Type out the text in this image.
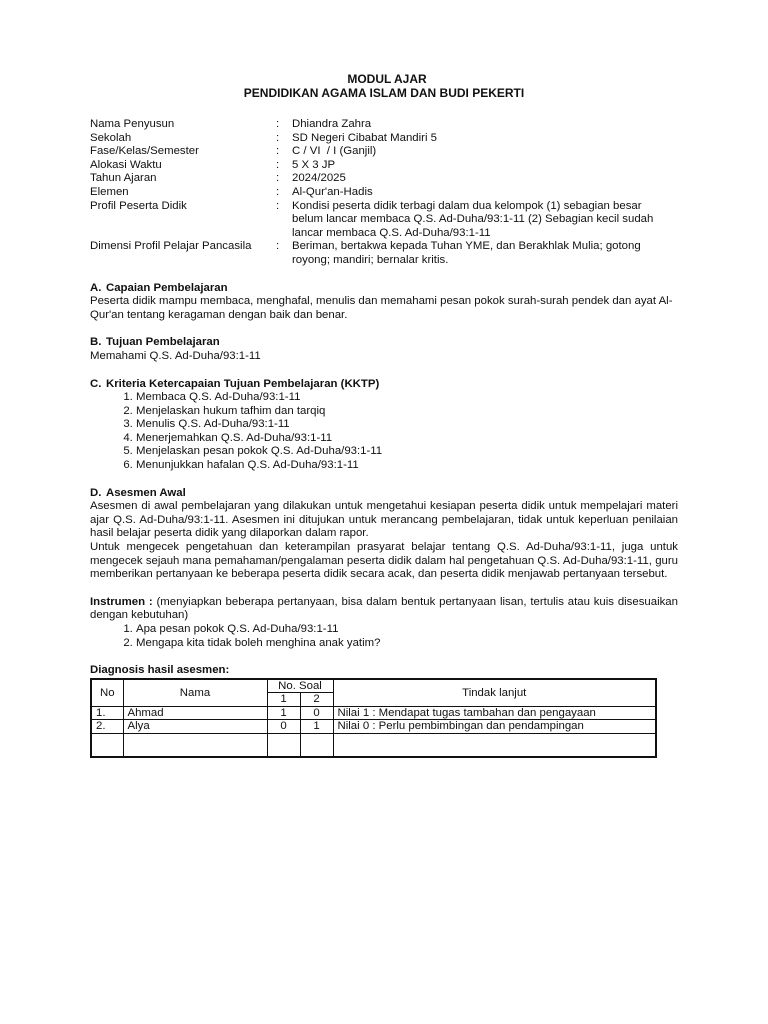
MODUL AJAR
PENDIDIKAN AGAMA ISLAM DAN BUDI PEKERTI
Nama Penyusun	:	Dhiandra Zahra
Sekolah	:	SD Negeri Cibabat Mandiri 5
Fase/Kelas/Semester	:	C / VI  / I (Ganjil)
Alokasi Waktu	:	5 X 3 JP
Tahun Ajaran	:	2024/2025
Elemen	:	Al-Qur'an-Hadis
Profil Peserta Didik	:	Kondisi peserta didik terbagi dalam dua kelompok (1) sebagian besar belum lancar membaca Q.S. Ad-Duha/93:1-11 (2) Sebagian kecil sudah lancar membaca Q.S. Ad-Duha/93:1-11
Dimensi Profil Pelajar Pancasila	:	Beriman, bertakwa kepada Tuhan YME, dan Berakhlak Mulia; gotong royong; mandiri; bernalar kritis.
A. Capaian Pembelajaran
Peserta didik mampu membaca, menghafal, menulis dan memahami pesan pokok surah-surah pendek dan ayat Al-Qur'an tentang keragaman dengan baik dan benar.
B. Tujuan Pembelajaran
Memahami Q.S. Ad-Duha/93:1-11
C. Kriteria Ketercapaian Tujuan Pembelajaran (KKTP)
1. Membaca Q.S. Ad-Duha/93:1-11
2. Menjelaskan hukum tafhim dan tarqiq
3. Menulis Q.S. Ad-Duha/93:1-11
4. Menerjemahkan Q.S. Ad-Duha/93:1-11
5. Menjelaskan pesan pokok Q.S. Ad-Duha/93:1-11
6. Menunjukkan hafalan Q.S. Ad-Duha/93:1-11
D. Asesmen Awal
Asesmen di awal pembelajaran yang dilakukan untuk mengetahui kesiapan peserta didik untuk mempelajari materi ajar Q.S. Ad-Duha/93:1-11. Asesmen ini ditujukan untuk merancang pembelajaran, tidak untuk keperluan penilaian hasil belajar peserta didik yang dilaporkan dalam rapor.
Untuk mengecek pengetahuan dan keterampilan prasyarat belajar tentang Q.S. Ad-Duha/93:1-11, juga untuk mengecek sejauh mana pemahaman/pengalaman peserta didik dalam hal pengetahuan Q.S. Ad-Duha/93:1-11, guru memberikan pertanyaan ke beberapa peserta didik secara acak, dan peserta didik menjawab pertanyaan tersebut.
Instrumen : (menyiapkan beberapa pertanyaan, bisa dalam bentuk pertanyaan lisan, tertulis atau kuis disesuaikan dengan kebutuhan)
1. Apa pesan pokok Q.S. Ad-Duha/93:1-11
2. Mengapa kita tidak boleh menghina anak yatim?
Diagnosis hasil asesmen:
No	Nama	No. Soal		Tindak lanjut
		1	2	
1.	Ahmad	1	0	Nilai 1 : Mendapat tugas tambahan dan pengayaan
2.	Alya	0	1	Nilai 0 : Perlu pembimbingan dan pendampingan
